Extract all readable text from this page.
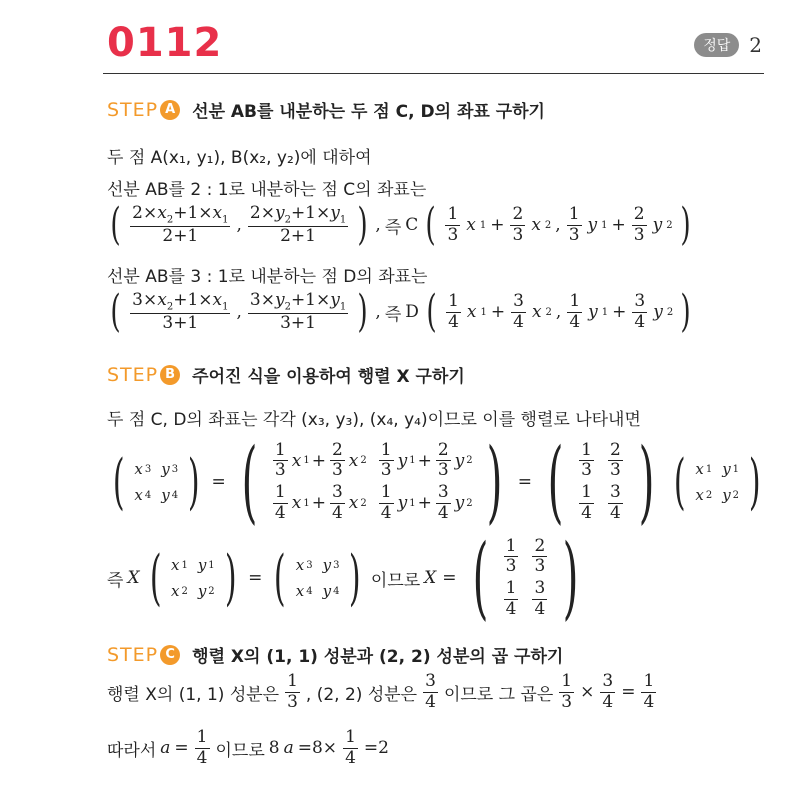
0112	정답 2
STEP A 선분 AB를 내분하는 두 점 C, D의 좌표 구하기
두 점 A(x₁, y₁), B(x₂, y₂)에 대하여
선분 AB를 2 : 1로 내분하는 점 C의 좌표는
( $\frac{2\times x_2+1\times x_1}{2+1}$ , $\frac{2\times y_2+1\times y_1}{2+1}$ ) , 즉 C ( $\frac{1}{3}$ x $1 + \frac{2}{3}$ x 2 , $\frac{1}{3}$ y $1 + \frac{2}{3}$ y 2 )
선분 AB를 3 : 1로 내분하는 점 D의 좌표는
( $\frac{3\times x_2+1\times x_1}{3+1}$ , $\frac{3\times y_2+1\times y_1}{3+1}$ ) , 즉 D ( $\frac{1}{4}$ x $1 + \frac{3}{4}$ x 2 , $\frac{1}{4}$ y $1 + \frac{3}{4}$ y 2 )
STEP B 주어진 식을 이용하여 행렬 X 구하기
두 점 C, D의 좌표는 각각 (x₃, y₃), (x₄, y₄)이므로 이를 행렬로 나타내면
( x 3 y 3
x 4 y 4 ) = ( $\frac{1}{3}$ x $1 + \frac{2}{3}$ x $2 \frac{1}{3}$ y $1 + \frac{2}{3}$ y 2
$\frac{1}{4}$ x $1 + \frac{3}{4}$ x $2 \frac{1}{4}$ y $1 + \frac{3}{4}$ y 2 ) = ( $\frac{1}{3} \frac{2}{3}$
$\frac{1}{4} \frac{3}{4}$ ) ( x 1 y 1
x 2 y 2 )
즉 X ( x 1 y 1
x 2 y 2 ) = ( x 3 y 3
x 4 y 4 ) 이므로 X = ( $\frac{1}{3} \frac{2}{3}$
$\frac{1}{4} \frac{3}{4}$ )
STEP C	행렬 X의 (1, 1) 성분과 (2, 2) 성분의 곱 구하기
행렬 X의 (1, 1) 성분은 $\frac{1}{3}$ , (2, 2) 성분은 $\frac{3}{4}$ 이므로 그 곱은 $\frac{1}{3} \times \frac{3}{4} = \frac{1}{4}$
따라서 $a = \frac{1}{4}$ 이므로 8 $a =8\times \frac{1}{4} =2$
